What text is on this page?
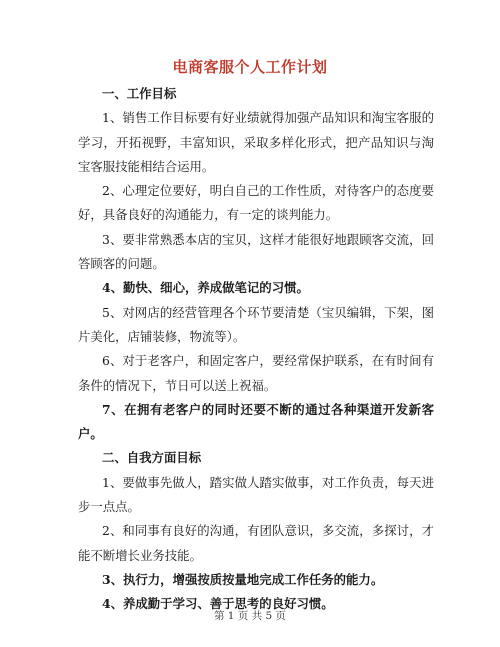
电商客服个人工作计划

一、工作目标

1、销售工作目标要有好业绩就得加强产品知识和淘宝客服的学习，开拓视野，丰富知识，采取多样化形式，把产品知识与淘宝客服技能相结合运用。

2、心理定位要好，明白自己的工作性质，对待客户的态度要好，具备良好的沟通能力，有一定的谈判能力。

3、要非常熟悉本店的宝贝，这样才能很好地跟顾客交流，回答顾客的问题。

4、勤快、细心，养成做笔记的习惯。

5、对网店的经营管理各个环节要清楚（宝贝编辑，下架，图片美化，店铺装修，物流等）。

6、对于老客户，和固定客户，要经常保护联系，在有时间有条件的情况下，节日可以送上祝福。

7、在拥有老客户的同时还要不断的通过各种渠道开发新客户。

二、自我方面目标

1、要做事先做人，踏实做人踏实做事，对工作负责，每天进步一点点。

2、和同事有良好的沟通，有团队意识，多交流，多探讨，才能不断增长业务技能。

3、执行力，增强按质按量地完成工作任务的能力。

4、养成勤于学习、善于思考的良好习惯。

第 1 页 共 5 页
